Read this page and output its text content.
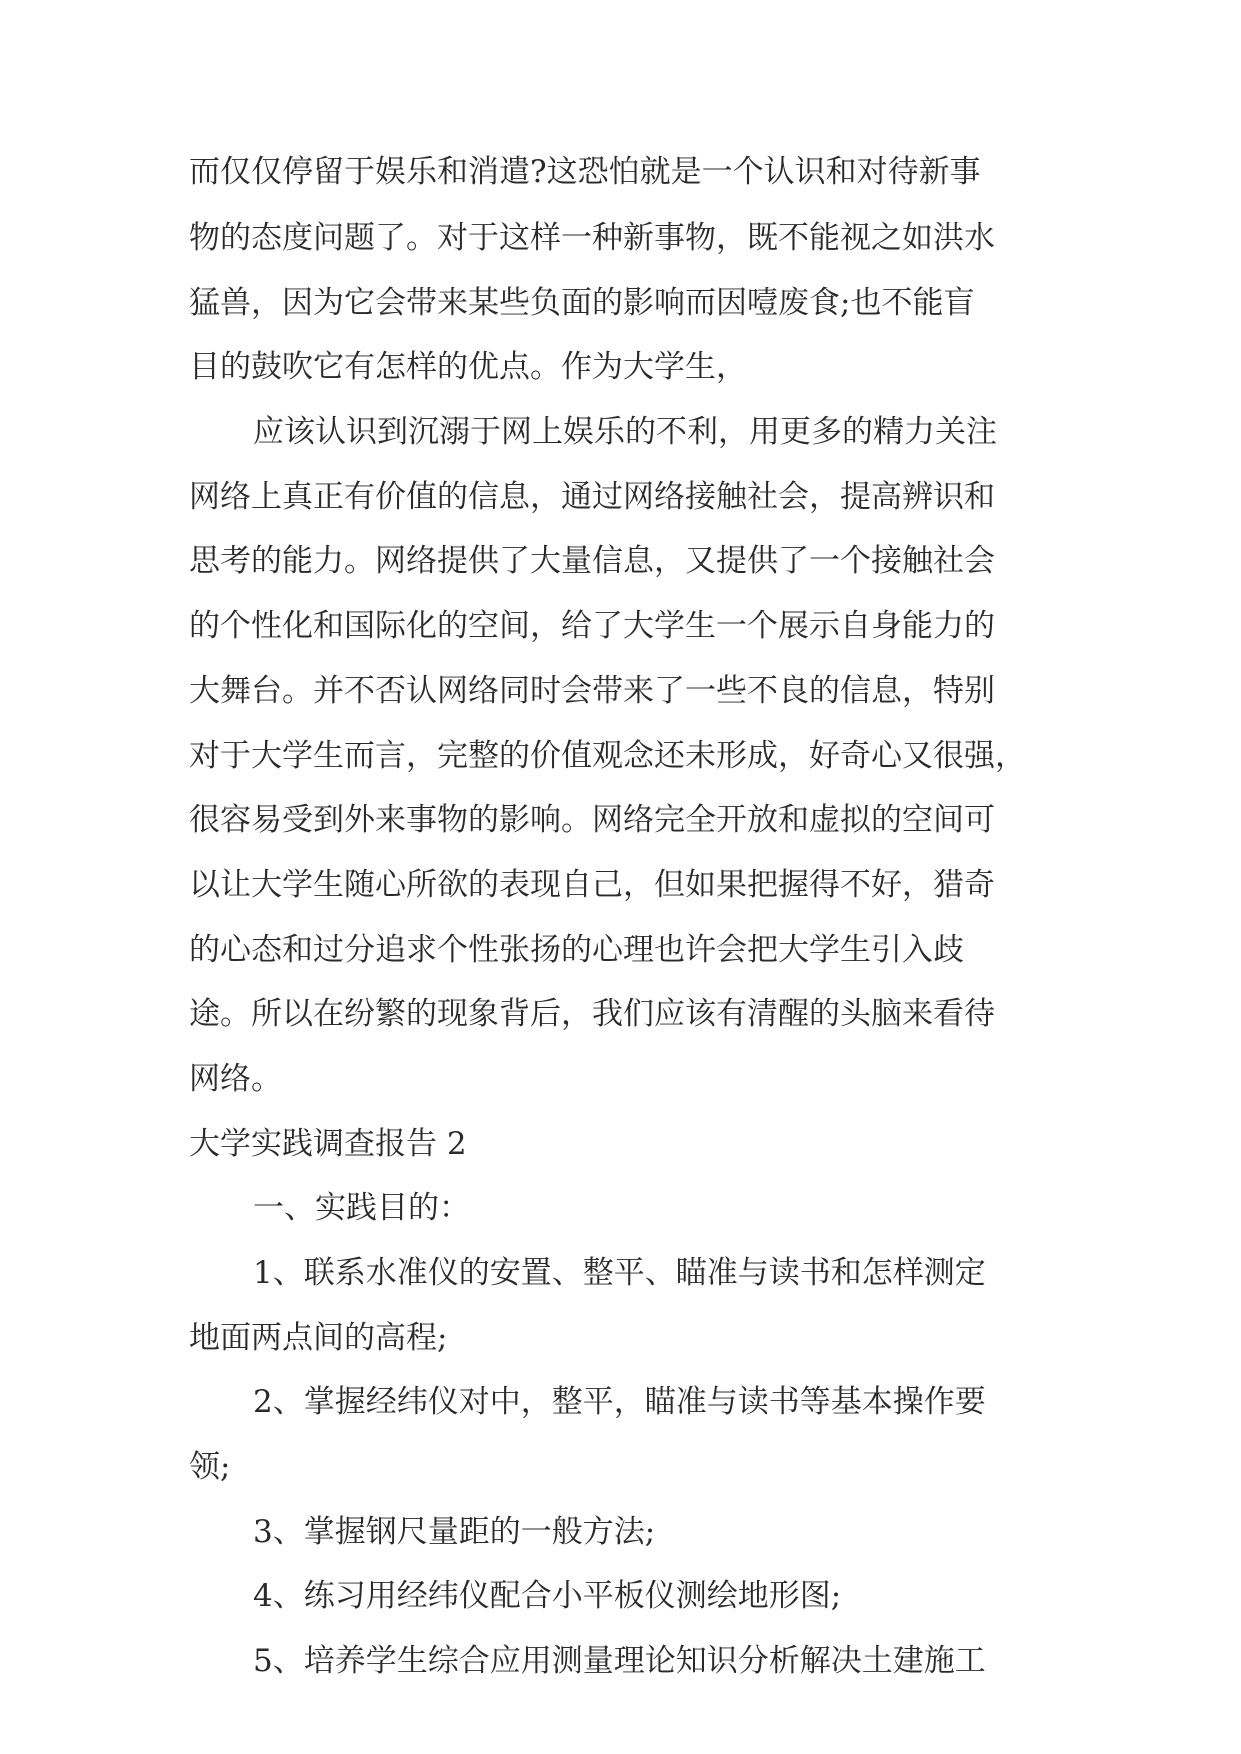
而仅仅停留于娱乐和消遣?这恐怕就是一个认识和对待新事
物的态度问题了。对于这样一种新事物，既不能视之如洪水
猛兽，因为它会带来某些负面的影响而因噎废食;也不能盲
目的鼓吹它有怎样的优点。作为大学生，
应该认识到沉溺于网上娱乐的不利，用更多的精力关注
网络上真正有价值的信息，通过网络接触社会，提高辨识和
思考的能力。网络提供了大量信息，又提供了一个接触社会
的个性化和国际化的空间，给了大学生一个展示自身能力的
大舞台。并不否认网络同时会带来了一些不良的信息，特别
对于大学生而言，完整的价值观念还未形成，好奇心又很强，
很容易受到外来事物的影响。网络完全开放和虚拟的空间可
以让大学生随心所欲的表现自己，但如果把握得不好，猎奇
的心态和过分追求个性张扬的心理也许会把大学生引入歧
途。所以在纷繁的现象背后，我们应该有清醒的头脑来看待
网络。
大学实践调查报告 2
一、实践目的：
1、联系水准仪的安置、整平、瞄准与读书和怎样测定
地面两点间的高程;
2、掌握经纬仪对中，整平，瞄准与读书等基本操作要
领;
3、掌握钢尺量距的一般方法;
4、练习用经纬仪配合小平板仪测绘地形图;
5、培养学生综合应用测量理论知识分析解决土建施工
